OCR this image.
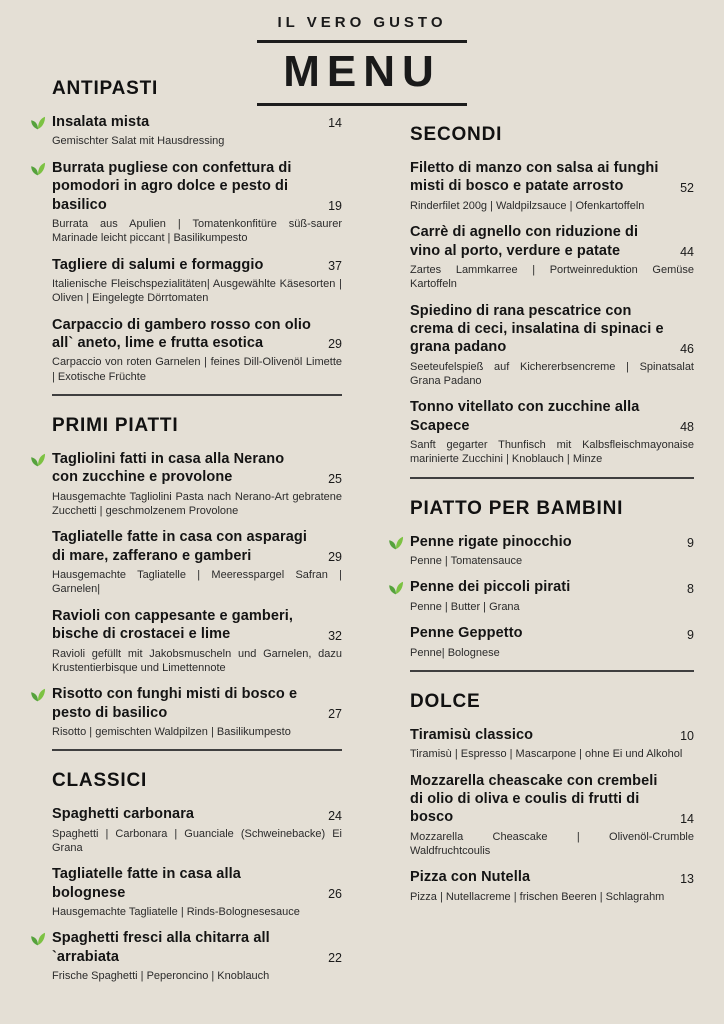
IL VERO GUSTO
MENU
ANTIPASTI
Insalata mista	14
Gemischter Salat mit Hausdressing
Burrata pugliese con confettura di pomodori in agro dolce e pesto di basilico	19
Burrata aus Apulien | Tomatenkonfitüre süß-saurer Marinade leicht piccant | Basilikumpesto
Tagliere di salumi e formaggio	37
Italienische Fleischspezialitäten| Ausgewählte Käsesorten | Oliven | Eingelegte Dörrtomaten
Carpaccio di gambero rosso con olio all` aneto, lime e frutta esotica	29
Carpaccio von roten Garnelen | feines Dill-Olivenöl Limette | Exotische Früchte
PRIMI PIATTI
Tagliolini fatti in casa alla Nerano con zucchine e provolone	25
Hausgemachte Tagliolini Pasta nach Nerano-Art gebratene Zucchetti | geschmolzenem Provolone
Tagliatelle fatte in casa con asparagi di mare, zafferano e gamberi	29
Hausgemachte Tagliatelle | Meeresspargel Safran | Garnelen|
Ravioli con cappesante e gamberi, bische di crostacei e lime	32
Ravioli gefüllt mit Jakobsmuscheln und Garnelen, dazu Krustentierbisque und Limettennote
Risotto con funghi misti di bosco e pesto di basilico	27
Risotto | gemischten Waldpilzen | Basilikumpesto
CLASSICI
Spaghetti carbonara	24
Spaghetti | Carbonara | Guanciale (Schweinebacke) Ei Grana
Tagliatelle fatte in casa alla bolognese	26
Hausgemachte Tagliatelle | Rinds-Bolognesesauce
Spaghetti fresci alla chitarra all `arrabiata	22
Frische Spaghetti | Peperoncino | Knoblauch
SECONDI
Filetto di manzo con salsa ai funghi misti di bosco e patate arrosto	52
Rinderfilet 200g | Waldpilzsauce | Ofenkartoffeln
Carrè di agnello con riduzione di vino al porto, verdure e patate	44
Zartes Lammkarree | Portweinreduktion Gemüse Kartoffeln
Spiedino di rana pescatrice con crema di ceci, insalatina di spinaci e grana padano	46
Seeteufelspieß auf Kichererbsencreme | Spinatsalat Grana Padano
Tonno vitellato con zucchine alla Scapece	48
Sanft gegarter Thunfisch mit Kalbsfleischmayonaise marinierte Zucchini | Knoblauch | Minze
PIATTO PER BAMBINI
Penne rigate pinocchio	9
Penne | Tomatensauce
Penne dei piccoli pirati	8
Penne | Butter | Grana
Penne Geppetto	9
Penne| Bolognese
DOLCE
Tiramisù classico	10
Tiramisù | Espresso | Mascarpone | ohne Ei und Alkohol
Mozzarella cheascake con crembeli di olio di oliva e coulis di frutti di bosco	14
Mozzarella Cheascake | Olivenöl-Crumble Waldfruchtcoulis
Pizza con Nutella	13
Pizza | Nutellacreme | frischen Beeren | Schlagrahm
